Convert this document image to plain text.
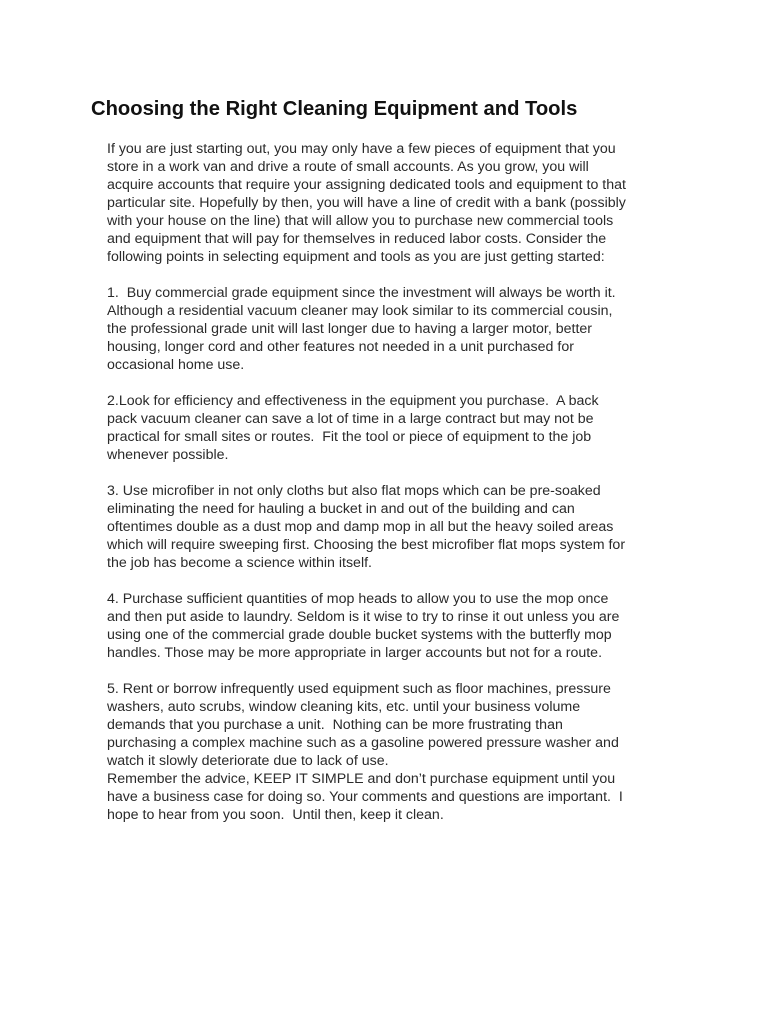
Choosing the Right Cleaning Equipment and Tools
If you are just starting out, you may only have a few pieces of equipment that you
store in a work van and drive a route of small accounts. As you grow, you will
acquire accounts that require your assigning dedicated tools and equipment to that
particular site. Hopefully by then, you will have a line of credit with a bank (possibly
with your house on the line) that will allow you to purchase new commercial tools
and equipment that will pay for themselves in reduced labor costs. Consider the
following points in selecting equipment and tools as you are just getting started:
1.  Buy commercial grade equipment since the investment will always be worth it.
Although a residential vacuum cleaner may look similar to its commercial cousin,
the professional grade unit will last longer due to having a larger motor, better
housing, longer cord and other features not needed in a unit purchased for
occasional home use.
2.Look for efficiency and effectiveness in the equipment you purchase.  A back
pack vacuum cleaner can save a lot of time in a large contract but may not be
practical for small sites or routes.  Fit the tool or piece of equipment to the job
whenever possible.
3. Use microfiber in not only cloths but also flat mops which can be pre-soaked
eliminating the need for hauling a bucket in and out of the building and can
oftentimes double as a dust mop and damp mop in all but the heavy soiled areas
which will require sweeping first. Choosing the best microfiber flat mops system for
the job has become a science within itself.
4. Purchase sufficient quantities of mop heads to allow you to use the mop once
and then put aside to laundry. Seldom is it wise to try to rinse it out unless you are
using one of the commercial grade double bucket systems with the butterfly mop
handles. Those may be more appropriate in larger accounts but not for a route.
5. Rent or borrow infrequently used equipment such as floor machines, pressure
washers, auto scrubs, window cleaning kits, etc. until your business volume
demands that you purchase a unit.  Nothing can be more frustrating than
purchasing a complex machine such as a gasoline powered pressure washer and
watch it slowly deteriorate due to lack of use.
Remember the advice, KEEP IT SIMPLE and don’t purchase equipment until you
have a business case for doing so. Your comments and questions are important.  I
hope to hear from you soon.  Until then, keep it clean.
